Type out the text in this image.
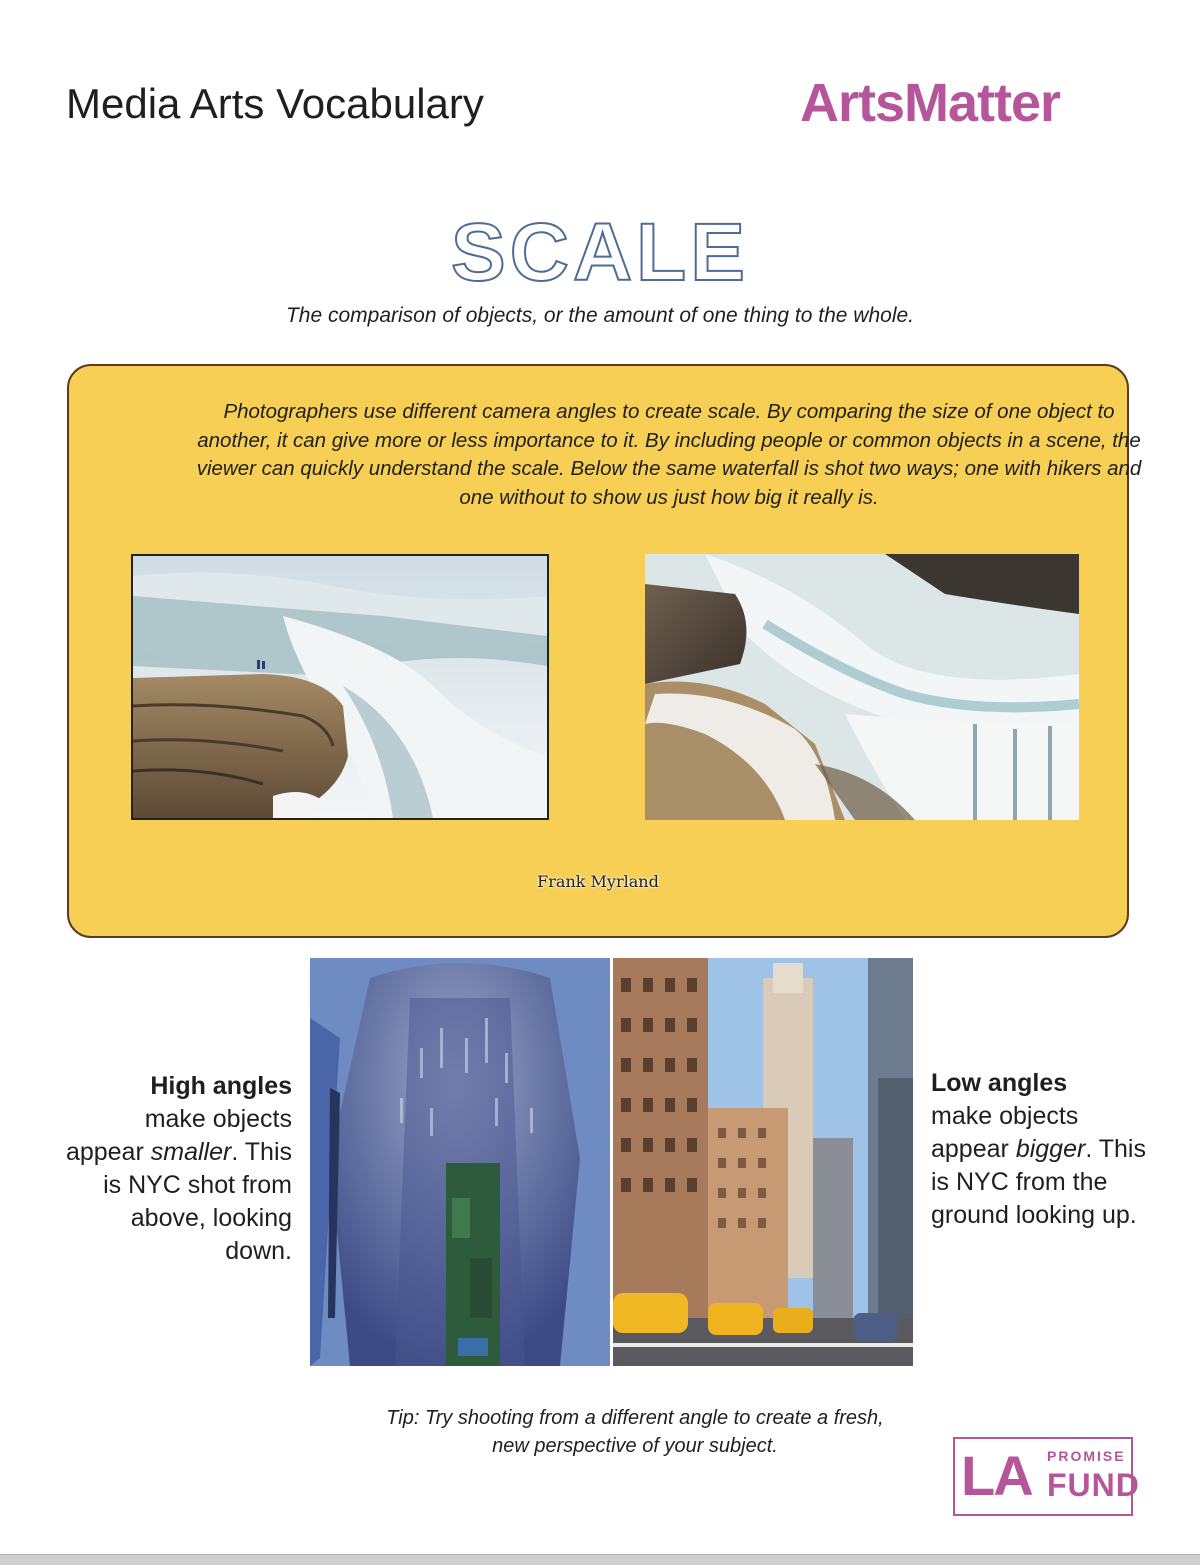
Media Arts Vocabulary	ArtsMatter
SCALE
The comparison of objects, or the amount of one thing to the whole.
Photographers use different camera angles to create scale. By comparing the size of one object to another, it can give more or less importance to it. By including people or common objects in a scene, the viewer can quickly understand the scale. Below the same waterfall is shot two ways; one with hikers and one without to show us just how big it really is.
Frank Myrland
High angles
make objects appear smaller. This is NYC shot from above, looking down.
Low angles
make objects appear bigger. This is NYC from the ground looking up.
Tip: Try shooting from a different angle to create a fresh,
new perspective of your subject.	LA PROMISE
FUND
